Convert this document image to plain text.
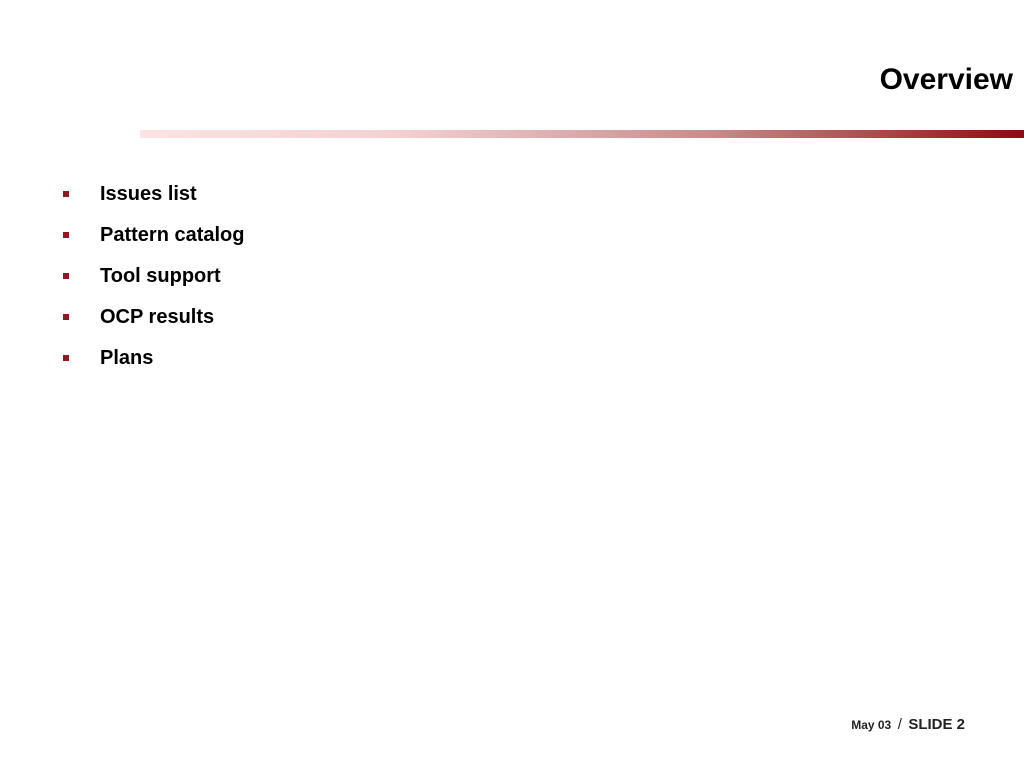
Overview
Issues list
Pattern catalog
Tool support
OCP results
Plans
May 03 / SLIDE 2
